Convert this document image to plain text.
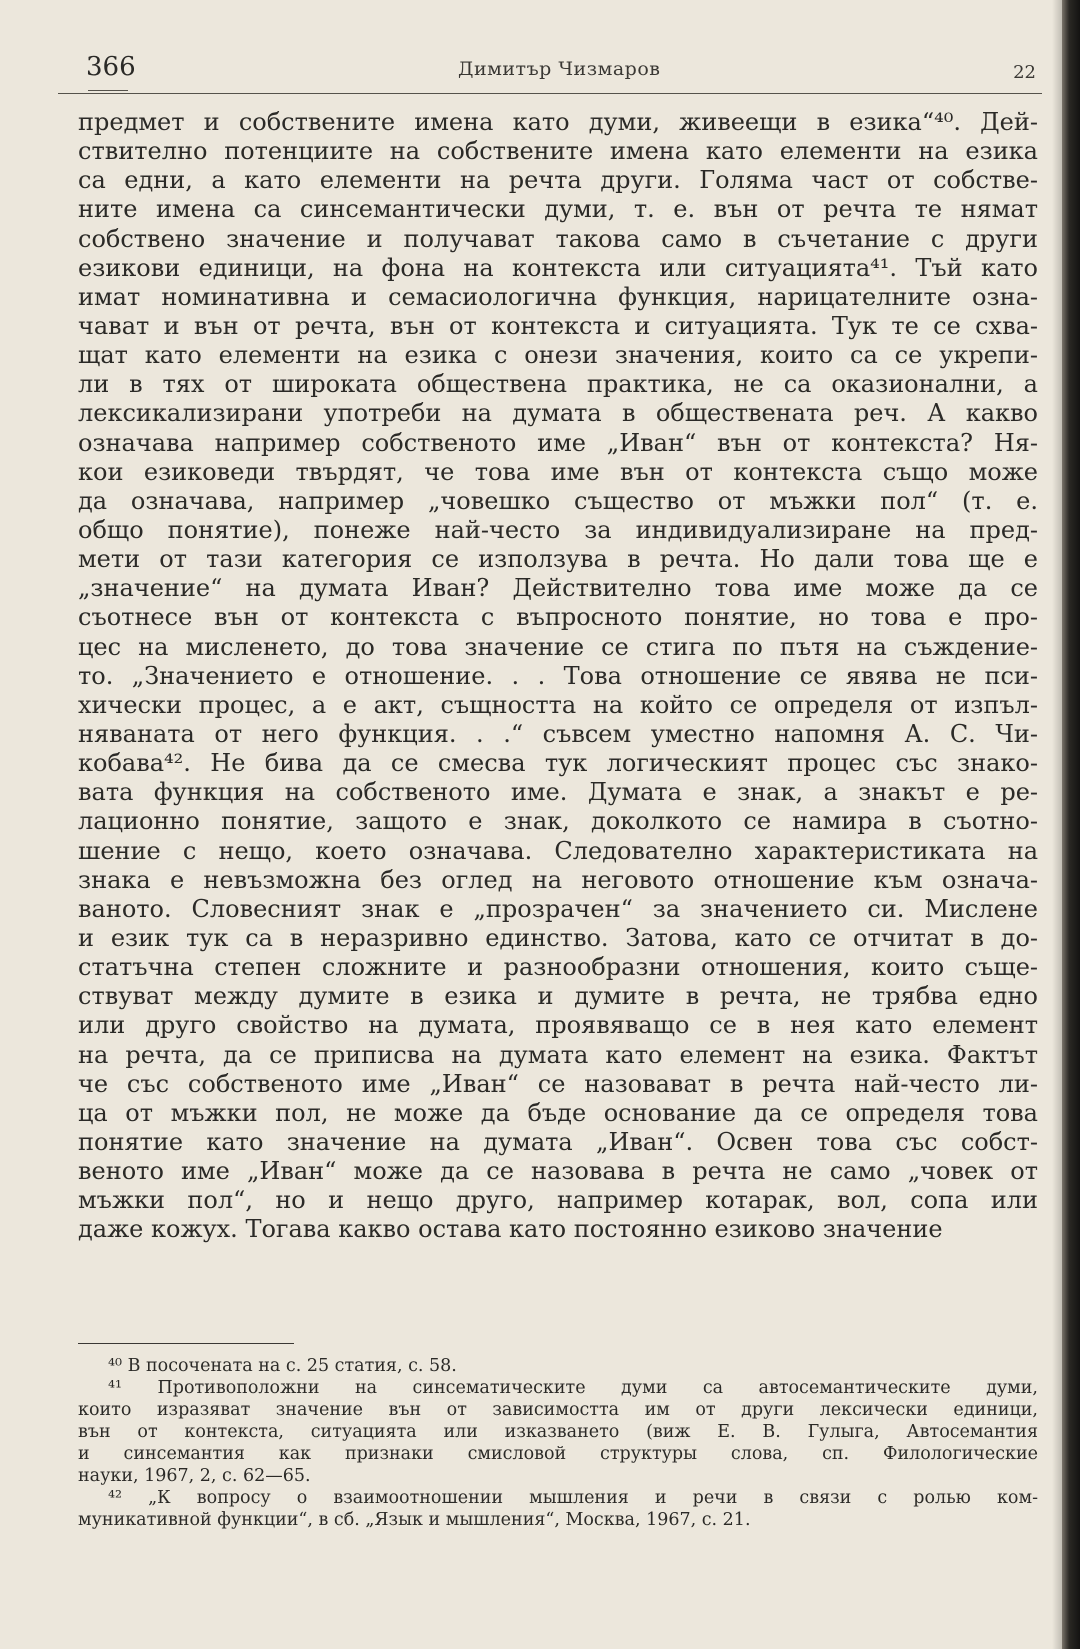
366	Димитър Чизмаров	22
предмет и собствените имена като думи, живеещи в езика“⁴⁰. Дей-
ствително потенциите на собствените имена като елементи на езика
са едни, а като елементи на речта други. Голяма част от собстве-
ните имена са синсемантически думи, т. е. вън от речта те нямат
собствено значение и получават такова само в съчетание с други
езикови единици, на фона на контекста или ситуацията⁴¹. Тъй като
имат номинативна и семасиологична функция, нарицателните озна-
чават и вън от речта, вън от контекста и ситуацията. Тук те се схва-
щат като елементи на езика с онези значения, които са се укрепи-
ли в тях от широката обществена практика, не са оказионални, а
лексикализирани употреби на думата в обществената реч. А какво
означава например собственото име „Иван“ вън от контекста? Ня-
кои езиковеди твърдят, че това име вън от контекста също може
да означава, например „човешко същество от мъжки пол“ (т. е.
общо понятие), понеже най-често за индивидуализиране на пред-
мети от тази категория се използува в речта. Но дали това ще е
„значение“ на думата Иван? Действително това име може да се
съотнесе вън от контекста с въпросното понятие, но това е про-
цес на мисленето, до това значение се стига по пътя на съждение-
то. „Значението е отношение. . . Това отношение се явява не пси-
хически процес, а е акт, същността на който се определя от изпъл-
няваната от него функция. . .“ съвсем уместно напомня А. С. Чи-
кобава⁴². Не бива да се смесва тук логическият процес със знако-
вата функция на собственото име. Думата е знак, а знакът е ре-
лационно понятие, защото е знак, доколкото се намира в съотно-
шение с нещо, което означава. Следователно характеристиката на
знака е невъзможна без оглед на неговото отношение към означа-
ваното. Словесният знак е „прозрачен“ за значението си. Мислене
и език тук са в неразривно единство. Затова, като се отчитат в до-
статъчна степен сложните и разнообразни отношения, които съще-
ствуват между думите в езика и думите в речта, не трябва едно
или друго свойство на думата, проявяващо се в нея като елемент
на речта, да се приписва на думата като елемент на езика. Фактът
че със собственото име „Иван“ се назовават в речта най-често ли-
ца от мъжки пол, не може да бъде основание да се определя това
понятие като значение на думата „Иван“. Освен това със собст-
веното име „Иван“ може да се назовава в речта не само „човек от
мъжки пол“, но и нещо друго, например котарак, вол, сопа или
даже кожух. Тогава какво остава като постоянно езиково значение
⁴⁰ В посочената на с. 25 статия, с. 58.
⁴¹ Противоположни на синсематическите думи са автосемантическите думи,
които изразяват значение вън от зависимостта им от други лексически единици,
вън от контекста, ситуацията или изказването (виж Е. В. Гулыга, Автосемантия
и синсемантия как признаки смисловой структуры слова, сп. Филологические
науки, 1967, 2, с. 62—65.
⁴² „К вопросу о взаимоотношении мышления и речи в связи с ролью ком-
муникативной функции“, в сб. „Язык и мышления“, Москва, 1967, с. 21.
